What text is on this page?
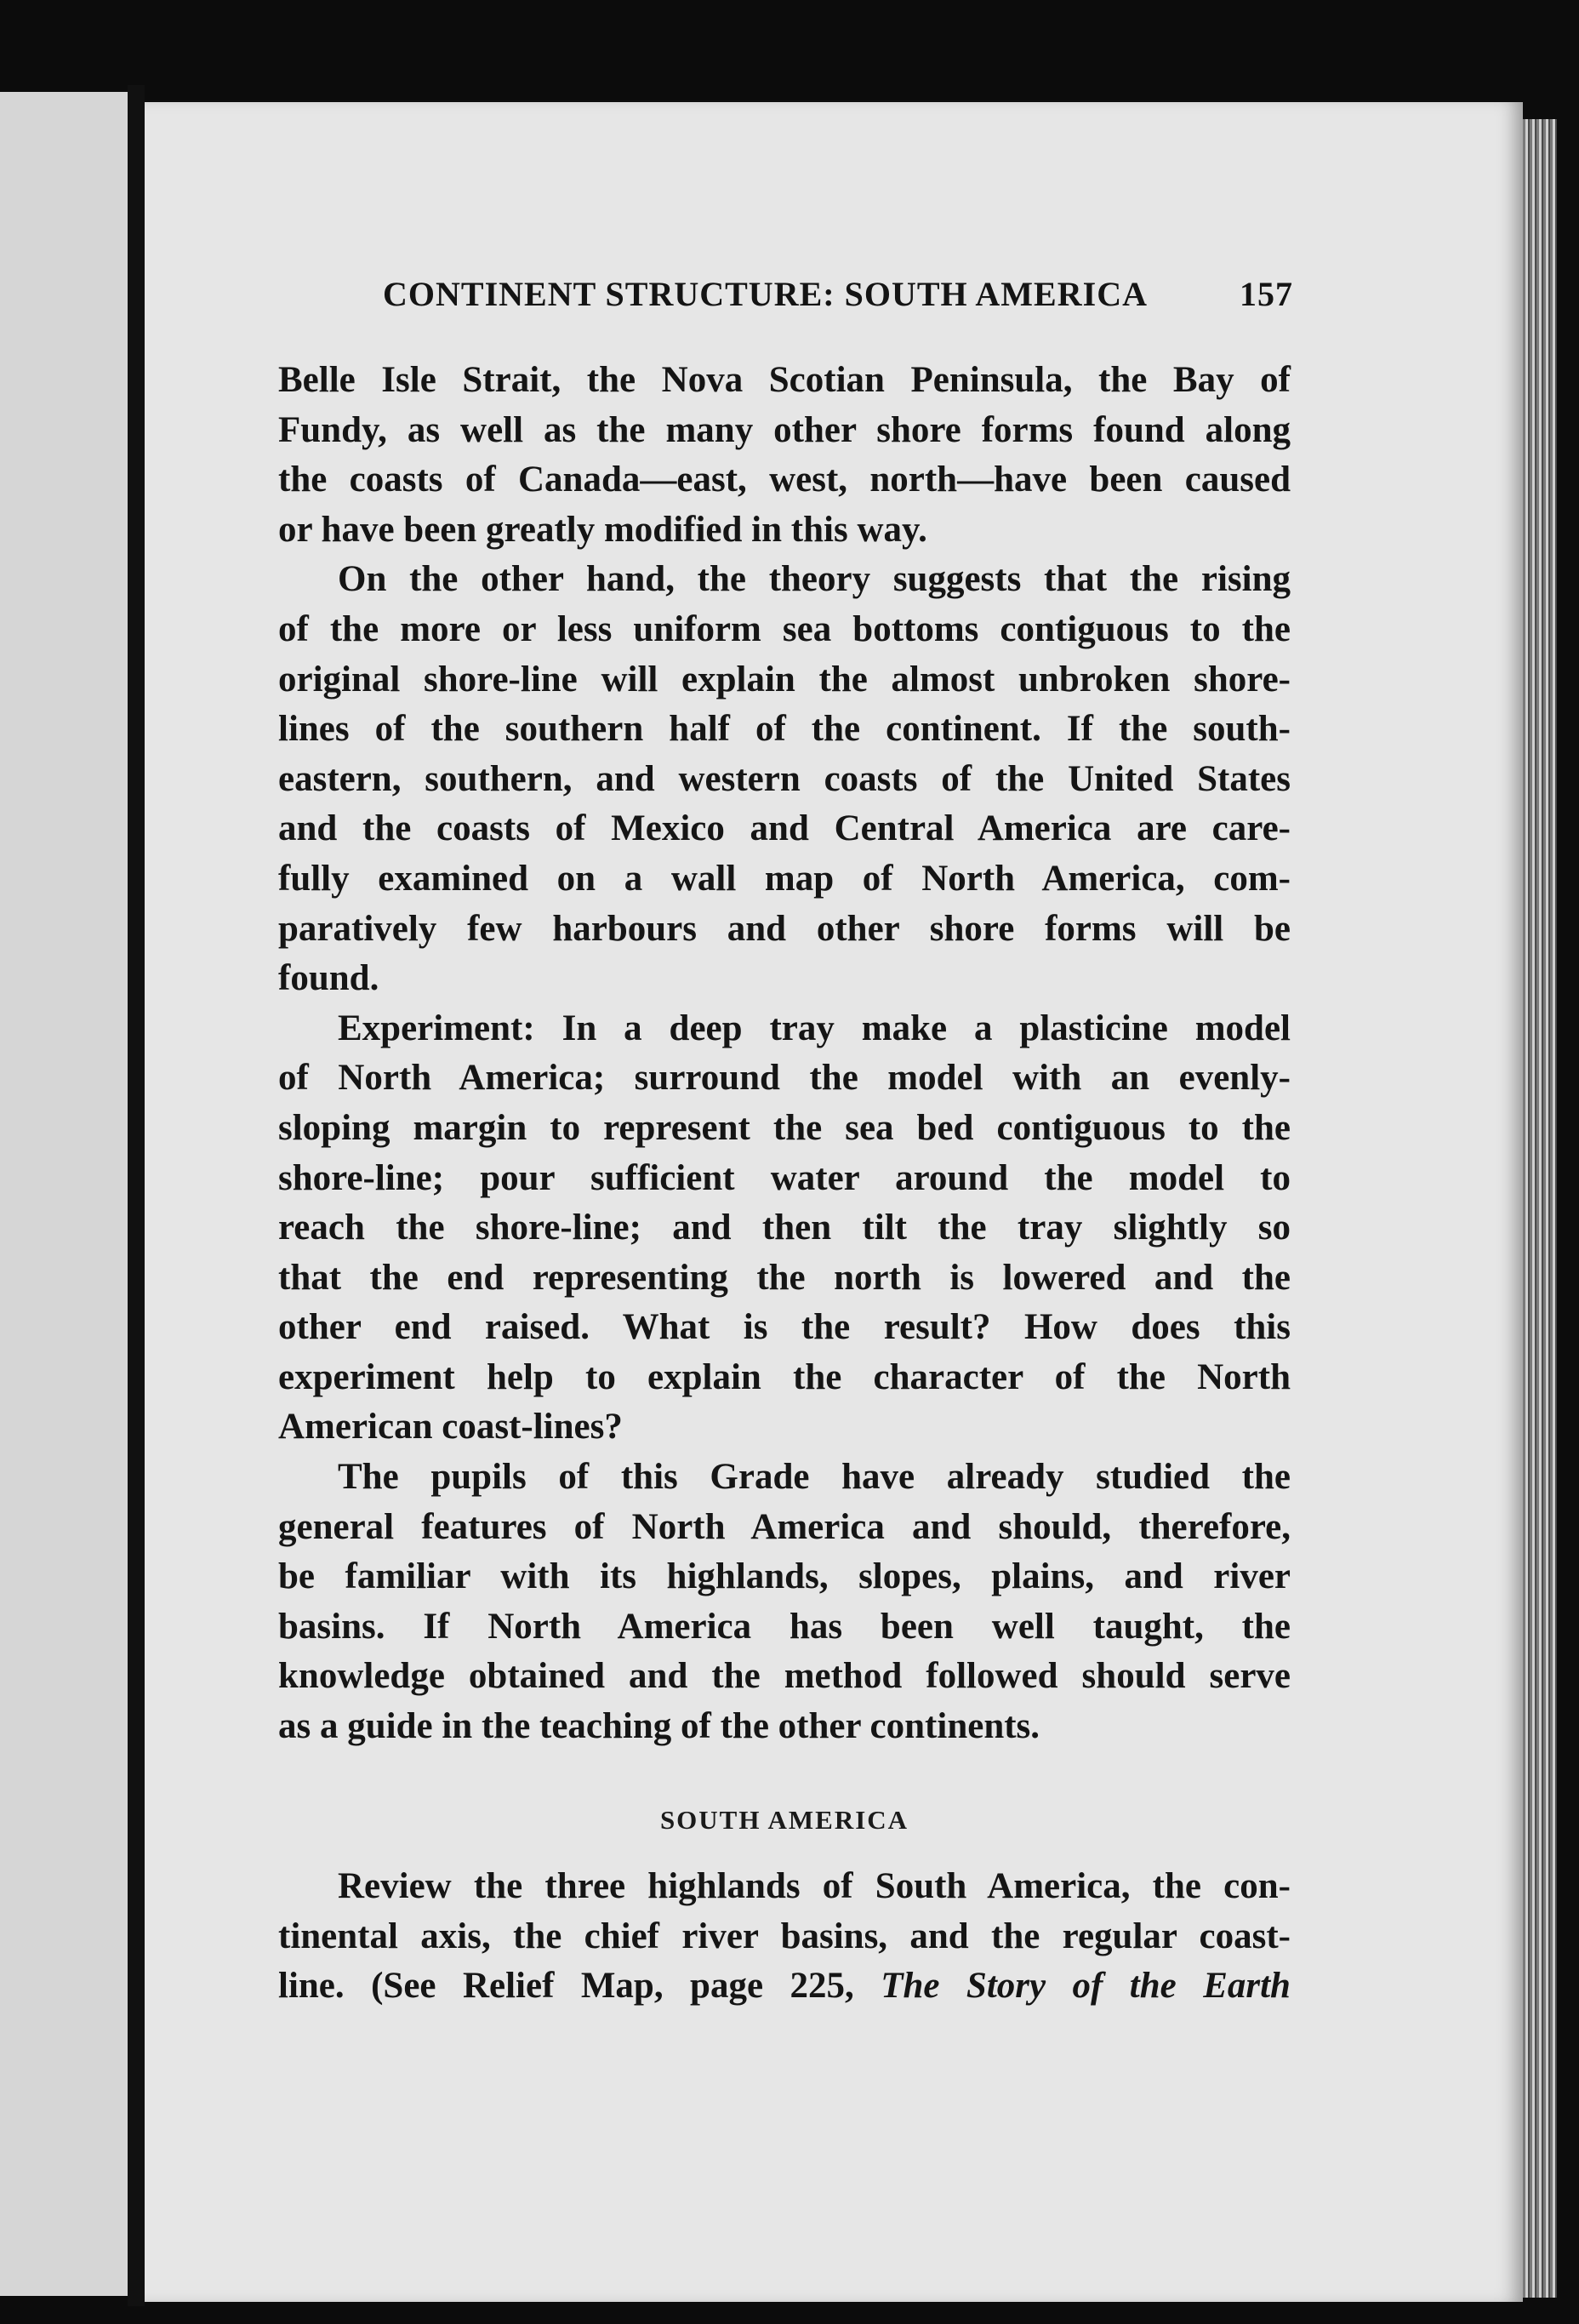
CONTINENT STRUCTURE: SOUTH AMERICA	157
Belle Isle Strait, the Nova Scotian Peninsula, the Bay of
Fundy, as well as the many other shore forms found along
the coasts of Canada—east, west, north—have been caused
or have been greatly modified in this way.
On the other hand, the theory suggests that the rising
of the more or less uniform sea bottoms contiguous to the
original shore-line will explain the almost unbroken shore-
lines of the southern half of the continent. If the south-
eastern, southern, and western coasts of the United States
and the coasts of Mexico and Central America are care-
fully examined on a wall map of North America, com-
paratively few harbours and other shore forms will be
found.
Experiment: In a deep tray make a plasticine model
of North America; surround the model with an evenly-
sloping margin to represent the sea bed contiguous to the
shore-line; pour sufficient water around the model to
reach the shore-line; and then tilt the tray slightly so
that the end representing the north is lowered and the
other end raised. What is the result? How does this
experiment help to explain the character of the North
American coast-lines?
The pupils of this Grade have already studied the
general features of North America and should, therefore,
be familiar with its highlands, slopes, plains, and river
basins. If North America has been well taught, the
knowledge obtained and the method followed should serve
as a guide in the teaching of the other continents.
SOUTH AMERICA
Review the three highlands of South America, the con-
tinental axis, the chief river basins, and the regular coast-
line. (See Relief Map, page 225, The Story of the Earth
